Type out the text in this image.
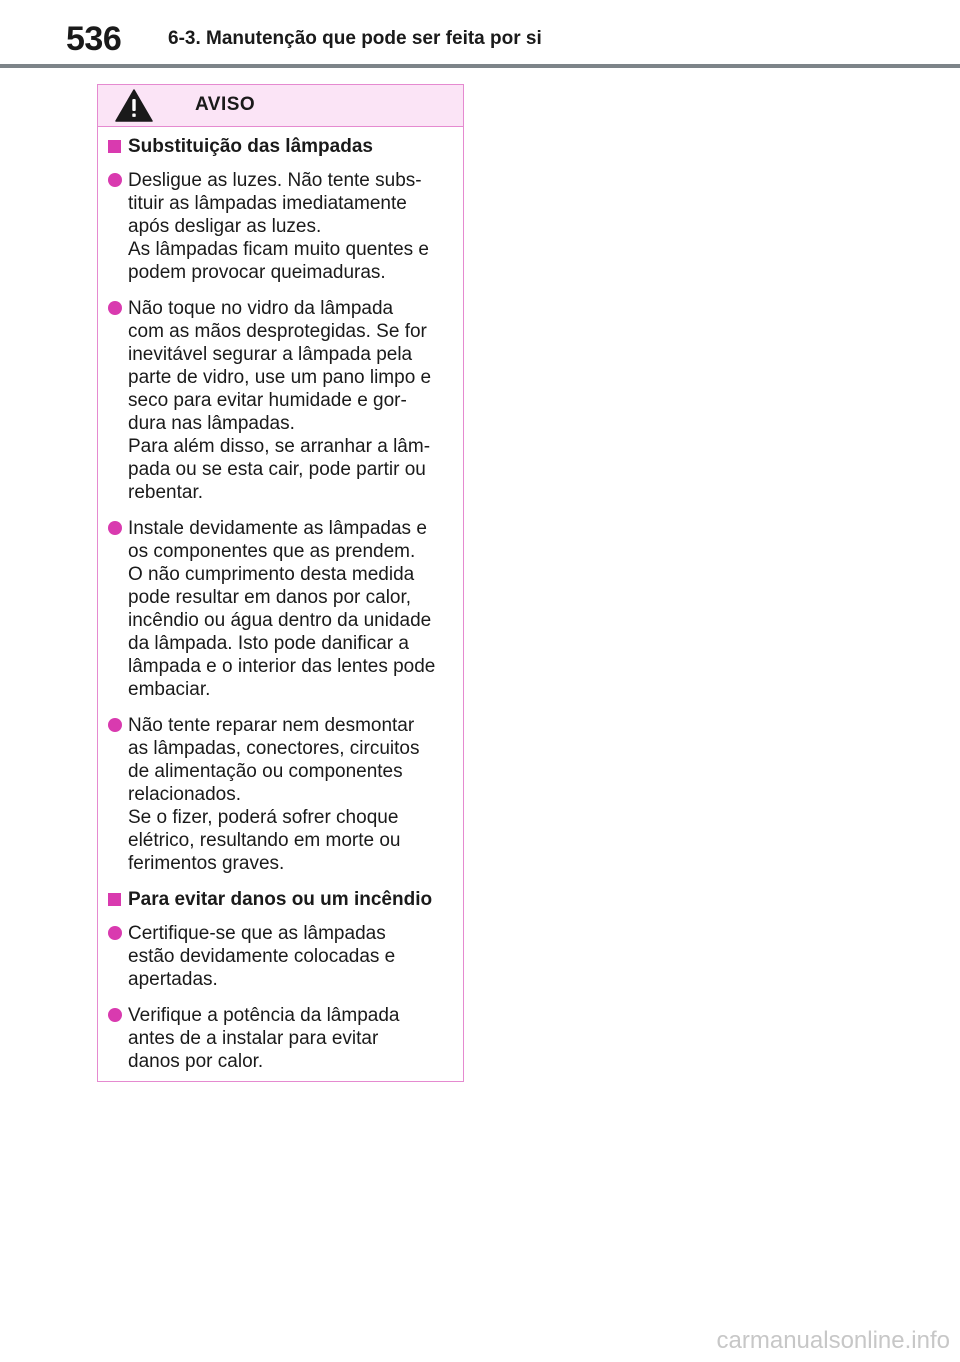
536 6-3. Manutenção que pode ser feita por si
AVISO
Substituição das lâmpadas
Desligue as luzes. Não tente subs-
tituir as lâmpadas imediatamente
após desligar as luzes.
As lâmpadas ficam muito quentes e
podem provocar queimaduras.
Não toque no vidro da lâmpada
com as mãos desprotegidas. Se for
inevitável segurar a lâmpada pela
parte de vidro, use um pano limpo e
seco para evitar humidade e gor-
dura nas lâmpadas.
Para além disso, se arranhar a lâm-
pada ou se esta cair, pode partir ou
rebentar.
Instale devidamente as lâmpadas e
os componentes que as prendem.
O não cumprimento desta medida
pode resultar em danos por calor,
incêndio ou água dentro da unidade
da lâmpada. Isto pode danificar a
lâmpada e o interior das lentes pode
embaciar.
Não tente reparar nem desmontar
as lâmpadas, conectores, circuitos
de alimentação ou componentes
relacionados.
Se o fizer, poderá sofrer choque
elétrico, resultando em morte ou
ferimentos graves.
Para evitar danos ou um incêndio
Certifique-se que as lâmpadas
estão devidamente colocadas e
apertadas.
Verifique a potência da lâmpada
antes de a instalar para evitar
danos por calor.
carmanualsonline.info
